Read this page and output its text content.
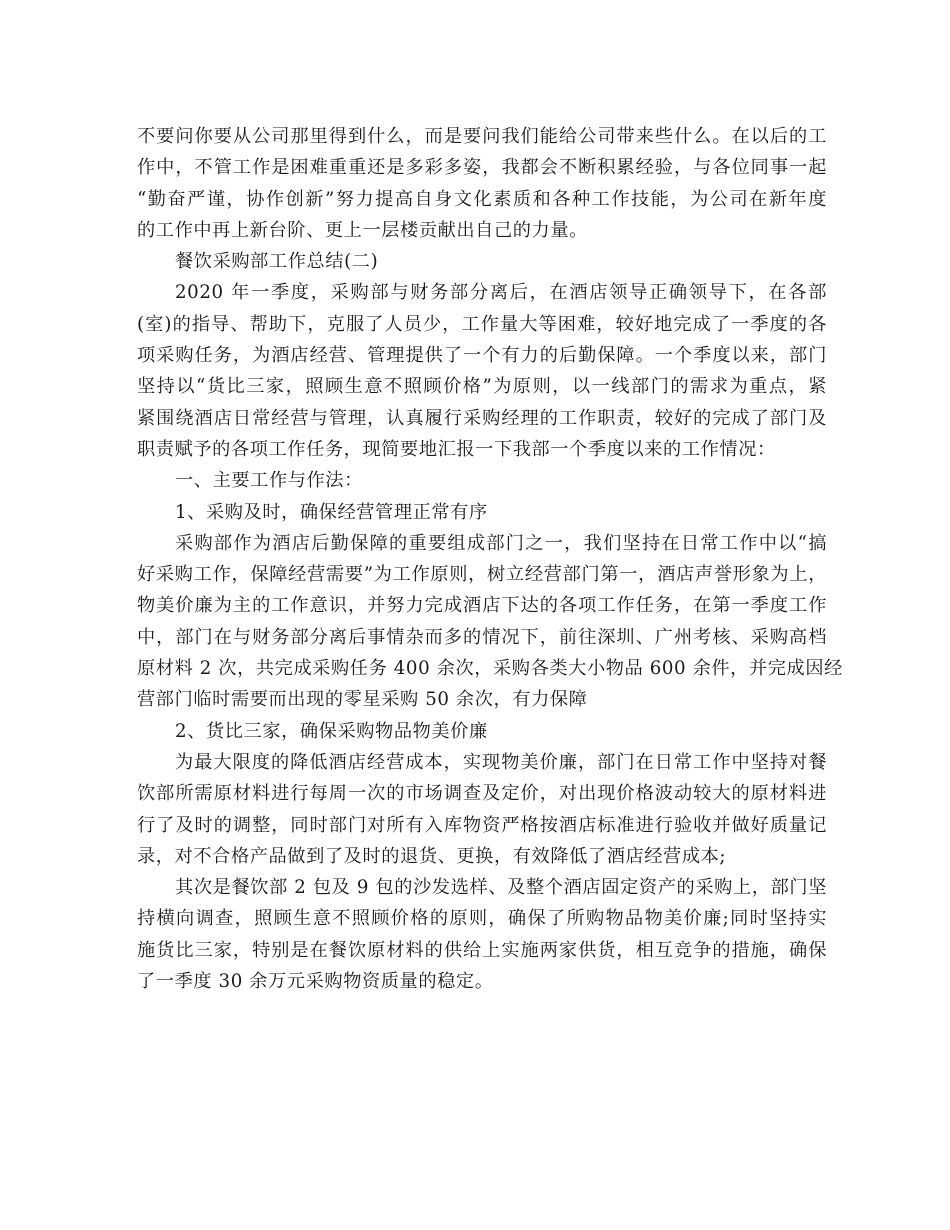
不要问你要从公司那里得到什么，而是要问我们能给公司带来些什么。在以后的工
作中，不管工作是困难重重还是多彩多姿，我都会不断积累经验，与各位同事一起
“勤奋严谨，协作创新”努力提高自身文化素质和各种工作技能，为公司在新年度
的工作中再上新台阶、更上一层楼贡献出自己的力量。
餐饮采购部工作总结(二)
2020 年一季度，采购部与财务部分离后，在酒店领导正确领导下，在各部
(室)的指导、帮助下，克服了人员少，工作量大等困难，较好地完成了一季度的各
项采购任务，为酒店经营、管理提供了一个有力的后勤保障。一个季度以来，部门
坚持以“货比三家，照顾生意不照顾价格”为原则，以一线部门的需求为重点，紧
紧围绕酒店日常经营与管理，认真履行采购经理的工作职责，较好的完成了部门及
职责赋予的各项工作任务，现简要地汇报一下我部一个季度以来的工作情况：
一、主要工作与作法：
1、采购及时，确保经营管理正常有序
采购部作为酒店后勤保障的重要组成部门之一，我们坚持在日常工作中以“搞
好采购工作，保障经营需要”为工作原则，树立经营部门第一，酒店声誉形象为上，
物美价廉为主的工作意识，并努力完成酒店下达的各项工作任务，在第一季度工作
中，部门在与财务部分离后事情杂而多的情况下，前往深圳、广州考核、采购高档
原材料 2 次，共完成采购任务 400 余次，采购各类大小物品 600 余件，并完成因经
营部门临时需要而出现的零星采购 50 余次，有力保障
2、货比三家，确保采购物品物美价廉
为最大限度的降低酒店经营成本，实现物美价廉，部门在日常工作中坚持对餐
饮部所需原材料进行每周一次的市场调查及定价，对出现价格波动较大的原材料进
行了及时的调整，同时部门对所有入库物资严格按酒店标准进行验收并做好质量记
录，对不合格产品做到了及时的退货、更换，有效降低了酒店经营成本;
其次是餐饮部 2 包及 9 包的沙发选样、及整个酒店固定资产的采购上，部门坚
持横向调查，照顾生意不照顾价格的原则，确保了所购物品物美价廉;同时坚持实
施货比三家，特别是在餐饮原材料的供给上实施两家供货，相互竞争的措施，确保
了一季度 30 余万元采购物资质量的稳定。
